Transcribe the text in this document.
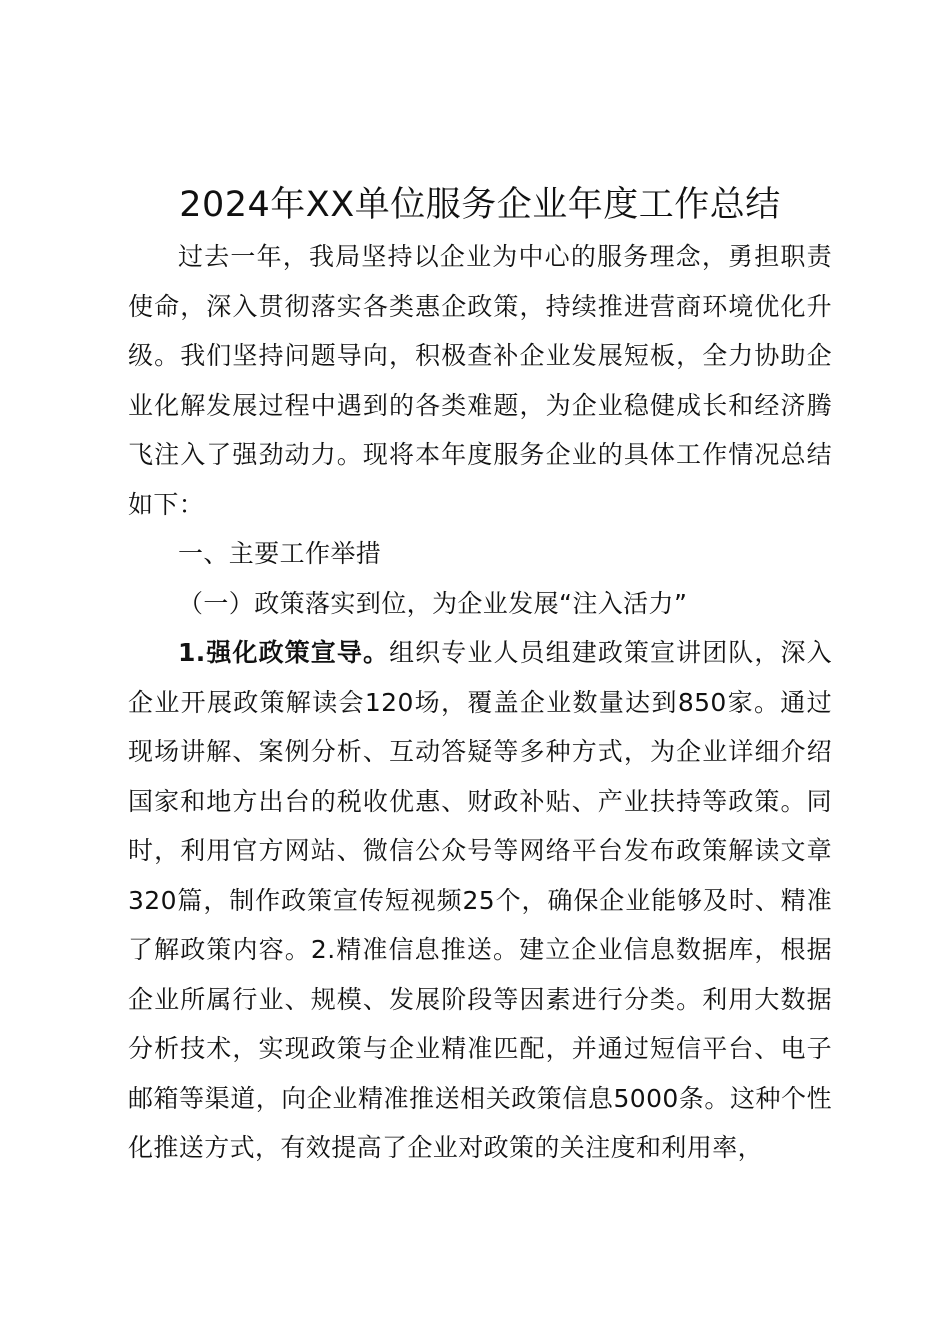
2024年XX单位服务企业年度工作总结

过去一年，我局坚持以企业为中心的服务理念，勇担职责使命，深入贯彻落实各类惠企政策，持续推进营商环境优化升级。我们坚持问题导向，积极查补企业发展短板，全力协助企业化解发展过程中遇到的各类难题，为企业稳健成长和经济腾飞注入了强劲动力。现将本年度服务企业的具体工作情况总结如下：

一、主要工作举措

（一）政策落实到位，为企业发展“注入活力”

1.强化政策宣导。组织专业人员组建政策宣讲团队，深入企业开展政策解读会120场，覆盖企业数量达到850家。通过现场讲解、案例分析、互动答疑等多种方式，为企业详细介绍国家和地方出台的税收优惠、财政补贴、产业扶持等政策。同时，利用官方网站、微信公众号等网络平台发布政策解读文章320篇，制作政策宣传短视频25个，确保企业能够及时、精准了解政策内容。2.精准信息推送。建立企业信息数据库，根据企业所属行业、规模、发展阶段等因素进行分类。利用大数据分析技术，实现政策与企业精准匹配，并通过短信平台、电子邮箱等渠道，向企业精准推送相关政策信息5000条。这种个性化推送方式，有效提高了企业对政策的关注度和利用率，
